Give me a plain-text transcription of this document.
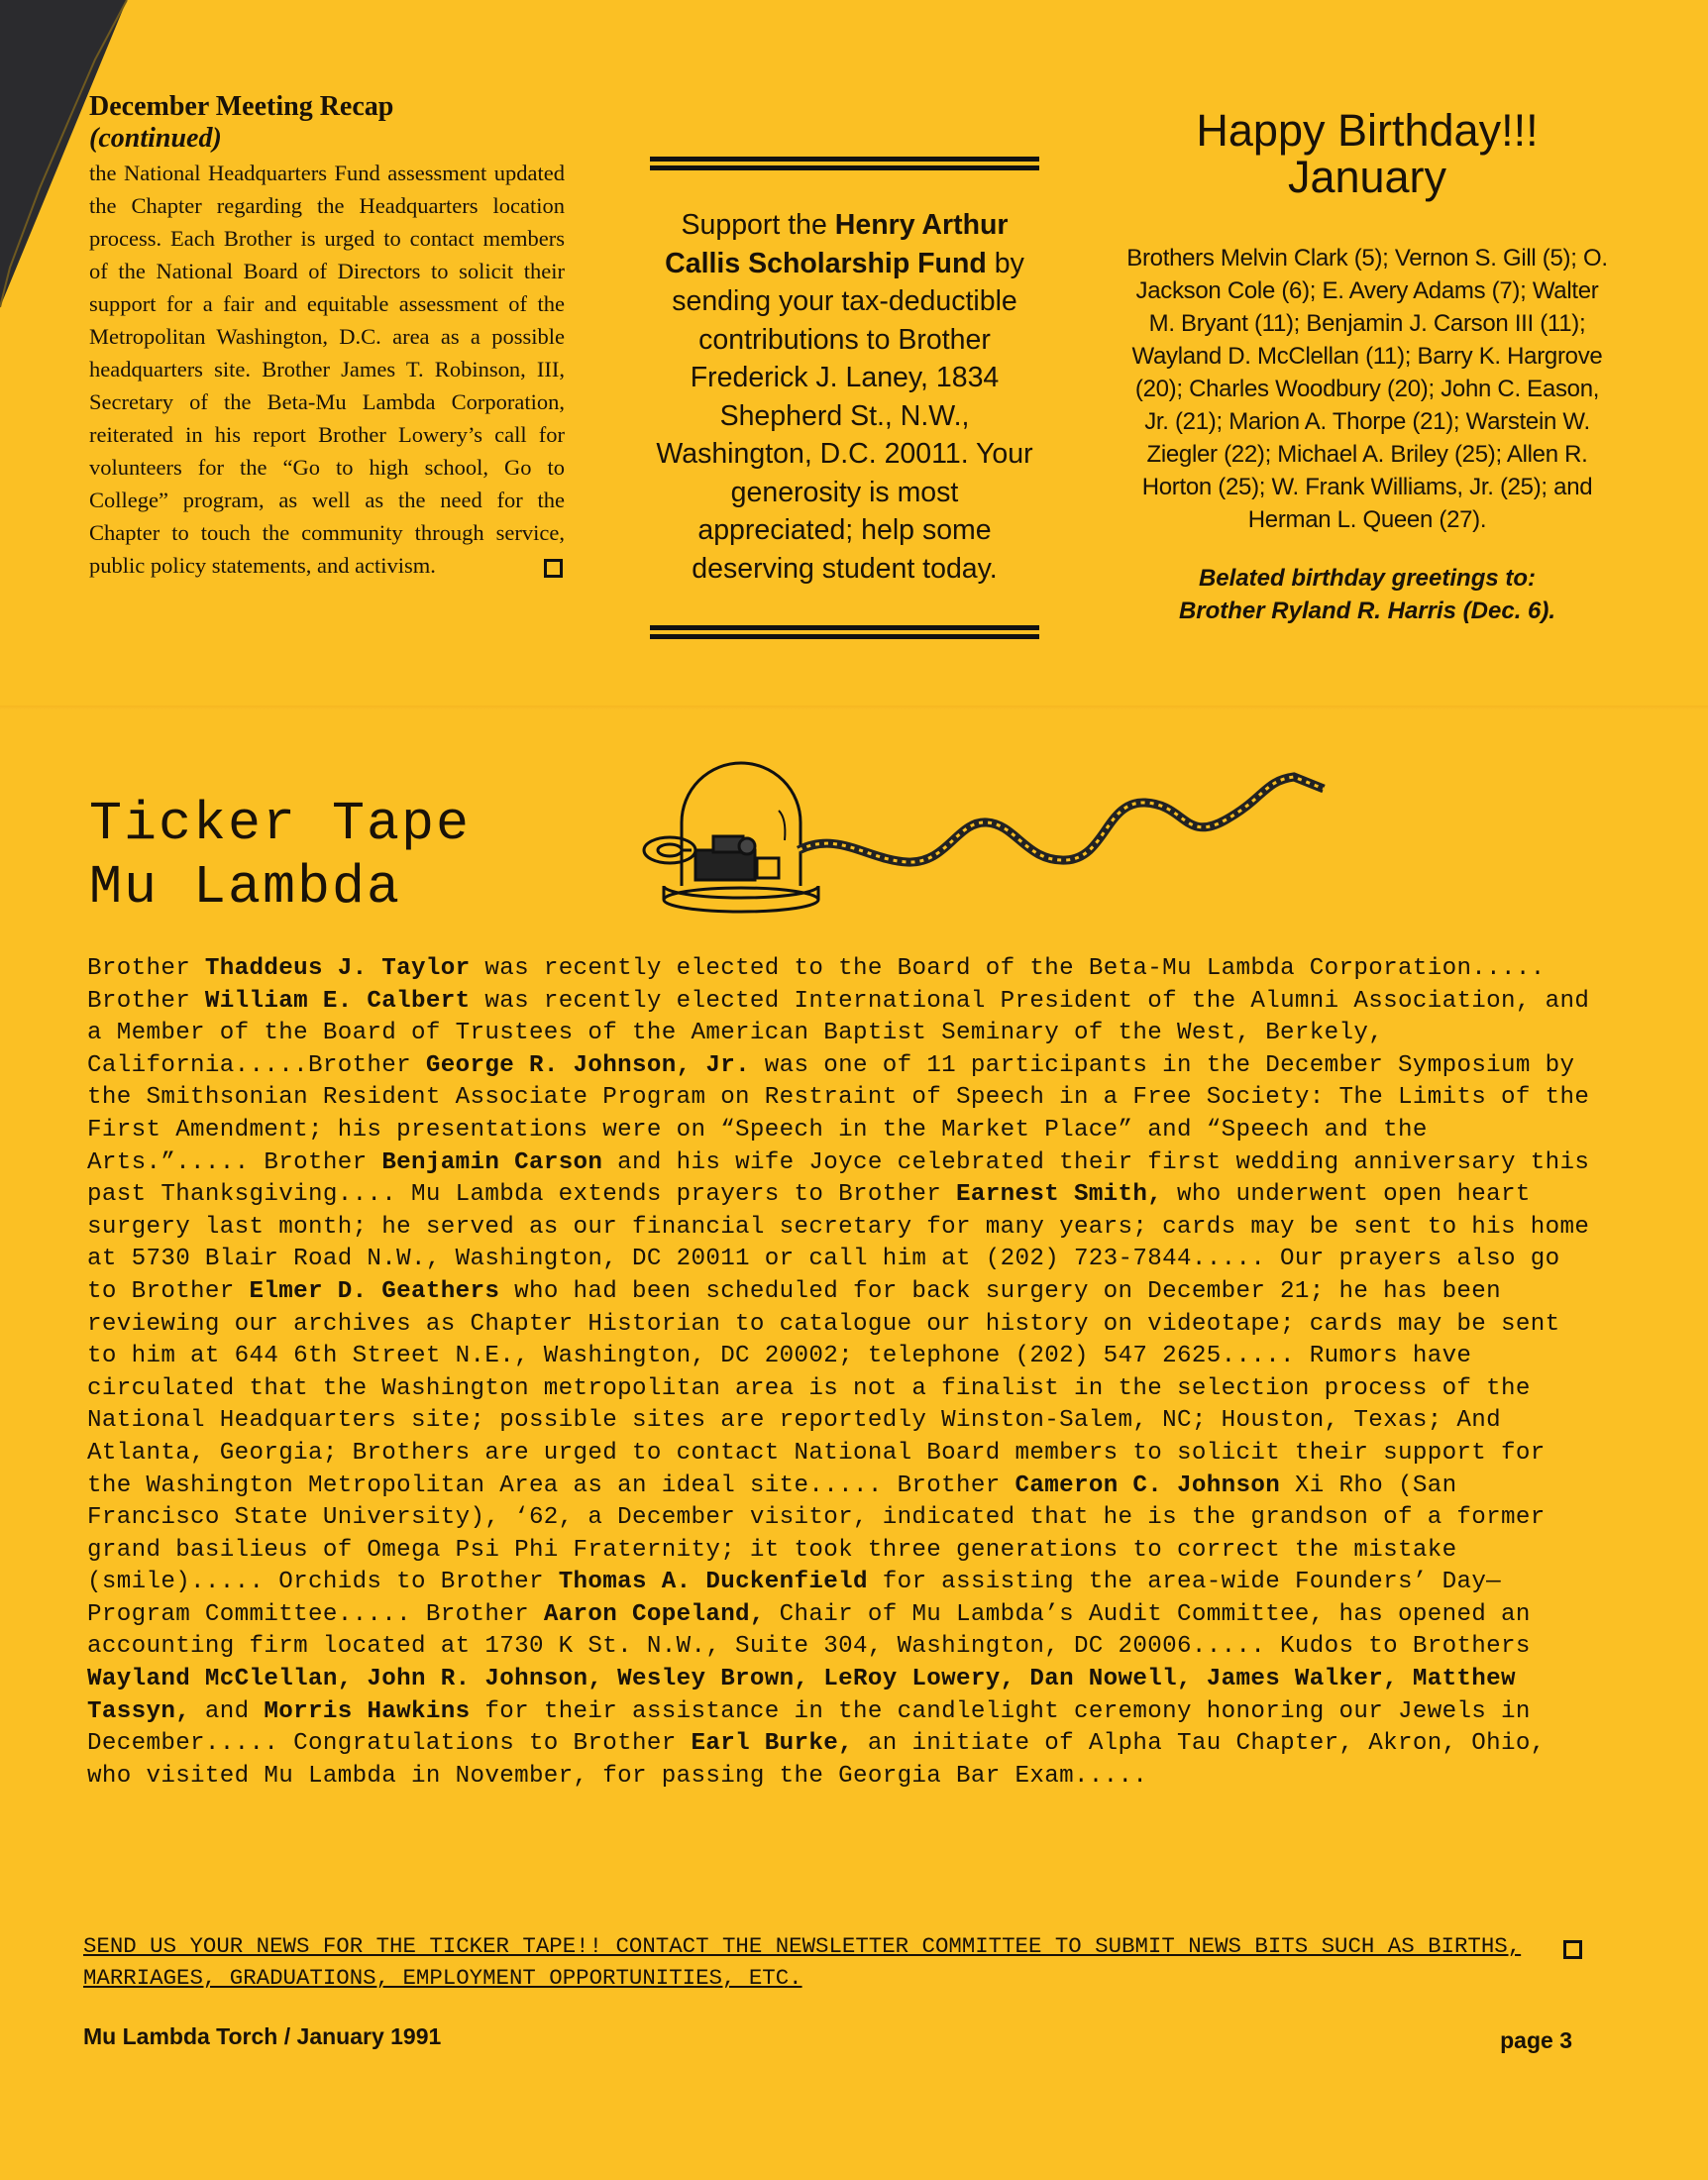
December Meeting Recap

(continued)

the National Headquarters Fund assessment updated the Chapter regarding the Headquarters location process. Each Brother is urged to contact members of the National Board of Directors to solicit their support for a fair and equitable assessment of the Metropolitan Washington, D.C. area as a possible headquarters site. Brother James T. Robinson, III, Secretary of the Beta-Mu Lambda Corporation, reiterated in his report Brother Lowery’s call for volunteers for the “Go to high school, Go to College” program, as well as the need for the Chapter to touch the community through service, public policy statements, and activism.

Support the Henry Arthur Callis Scholarship Fund by sending your tax-deductible contributions to Brother Frederick J. Laney, 1834 Shepherd St., N.W., Washington, D.C. 20011. Your generosity is most appreciated; help some deserving student today.

Happy Birthday!!!
January

Brothers Melvin Clark (5); Vernon S. Gill (5); O. Jackson Cole (6); E. Avery Adams (7); Walter M. Bryant (11); Benjamin J. Carson III (11); Wayland D. McClellan (11); Barry K. Hargrove (20); Charles Woodbury (20); John C. Eason, Jr. (21); Marion A. Thorpe (21); Warstein W. Ziegler (22); Michael A. Briley (25); Allen R. Horton (25); W. Frank Williams, Jr. (25); and Herman L. Queen (27).

Belated birthday greetings to:
Brother Ryland R. Harris (Dec. 6).

Ticker Tape
Mu Lambda

Brother Thaddeus J. Taylor was recently elected to the Board of the Beta-Mu Lambda Corporation..... Brother William E. Calbert was recently elected International President of the Alumni Association, and a Member of the Board of Trustees of the American Baptist Seminary of the West, Berkely, California.....Brother George R. Johnson, Jr. was one of 11 participants in the December Symposium by the Smithsonian Resident Associate Program on Restraint of Speech in a Free Society: The Limits of the First Amendment; his presentations were on “Speech in the Market Place” and “Speech and the Arts.”..... Brother Benjamin Carson and his wife Joyce celebrated their first wedding anniversary this past Thanksgiving.... Mu Lambda extends prayers to Brother Earnest Smith, who underwent open heart surgery last month; he served as our financial secretary for many years; cards may be sent to his home at 5730 Blair Road N.W., Washington, DC 20011 or call him at (202) 723-7844..... Our prayers also go to Brother Elmer D. Geathers who had been scheduled for back surgery on December 21; he has been reviewing our archives as Chapter Historian to catalogue our history on videotape; cards may be sent to him at 644 6th Street N.E., Washington, DC 20002; telephone (202) 547 2625..... Rumors have circulated that the Washington metropolitan area is not a finalist in the selection process of the National Headquarters site; possible sites are reportedly Winston-Salem, NC; Houston, Texas; And Atlanta, Georgia; Brothers are urged to contact National Board members to solicit their support for the Washington Metropolitan Area as an ideal site..... Brother Cameron C. Johnson Xi Rho (San Francisco State University), ‘62, a December visitor, indicated that he is the grandson of a former grand basilieus of Omega Psi Phi Fraternity; it took three generations to correct the mistake (smile)..... Orchids to Brother Thomas A. Duckenfield for assisting the area-wide Founders’ Day—Program Committee..... Brother Aaron Copeland, Chair of Mu Lambda’s Audit Committee, has opened an accounting firm located at 1730 K St. N.W., Suite 304, Washington, DC 20006..... Kudos to Brothers Wayland McClellan, John R. Johnson, Wesley Brown, LeRoy Lowery, Dan Nowell, James Walker, Matthew Tassyn, and Morris Hawkins for their assistance in the candlelight ceremony honoring our Jewels in December..... Congratulations to Brother Earl Burke, an initiate of Alpha Tau Chapter, Akron, Ohio, who visited Mu Lambda in November, for passing the Georgia Bar Exam.....

SEND US YOUR NEWS FOR THE TICKER TAPE!! CONTACT THE NEWSLETTER COMMITTEE TO SUBMIT NEWS BITS SUCH AS BIRTHS, MARRIAGES, GRADUATIONS, EMPLOYMENT OPPORTUNITIES, ETC.

Mu Lambda Torch / January 1991	page 3
